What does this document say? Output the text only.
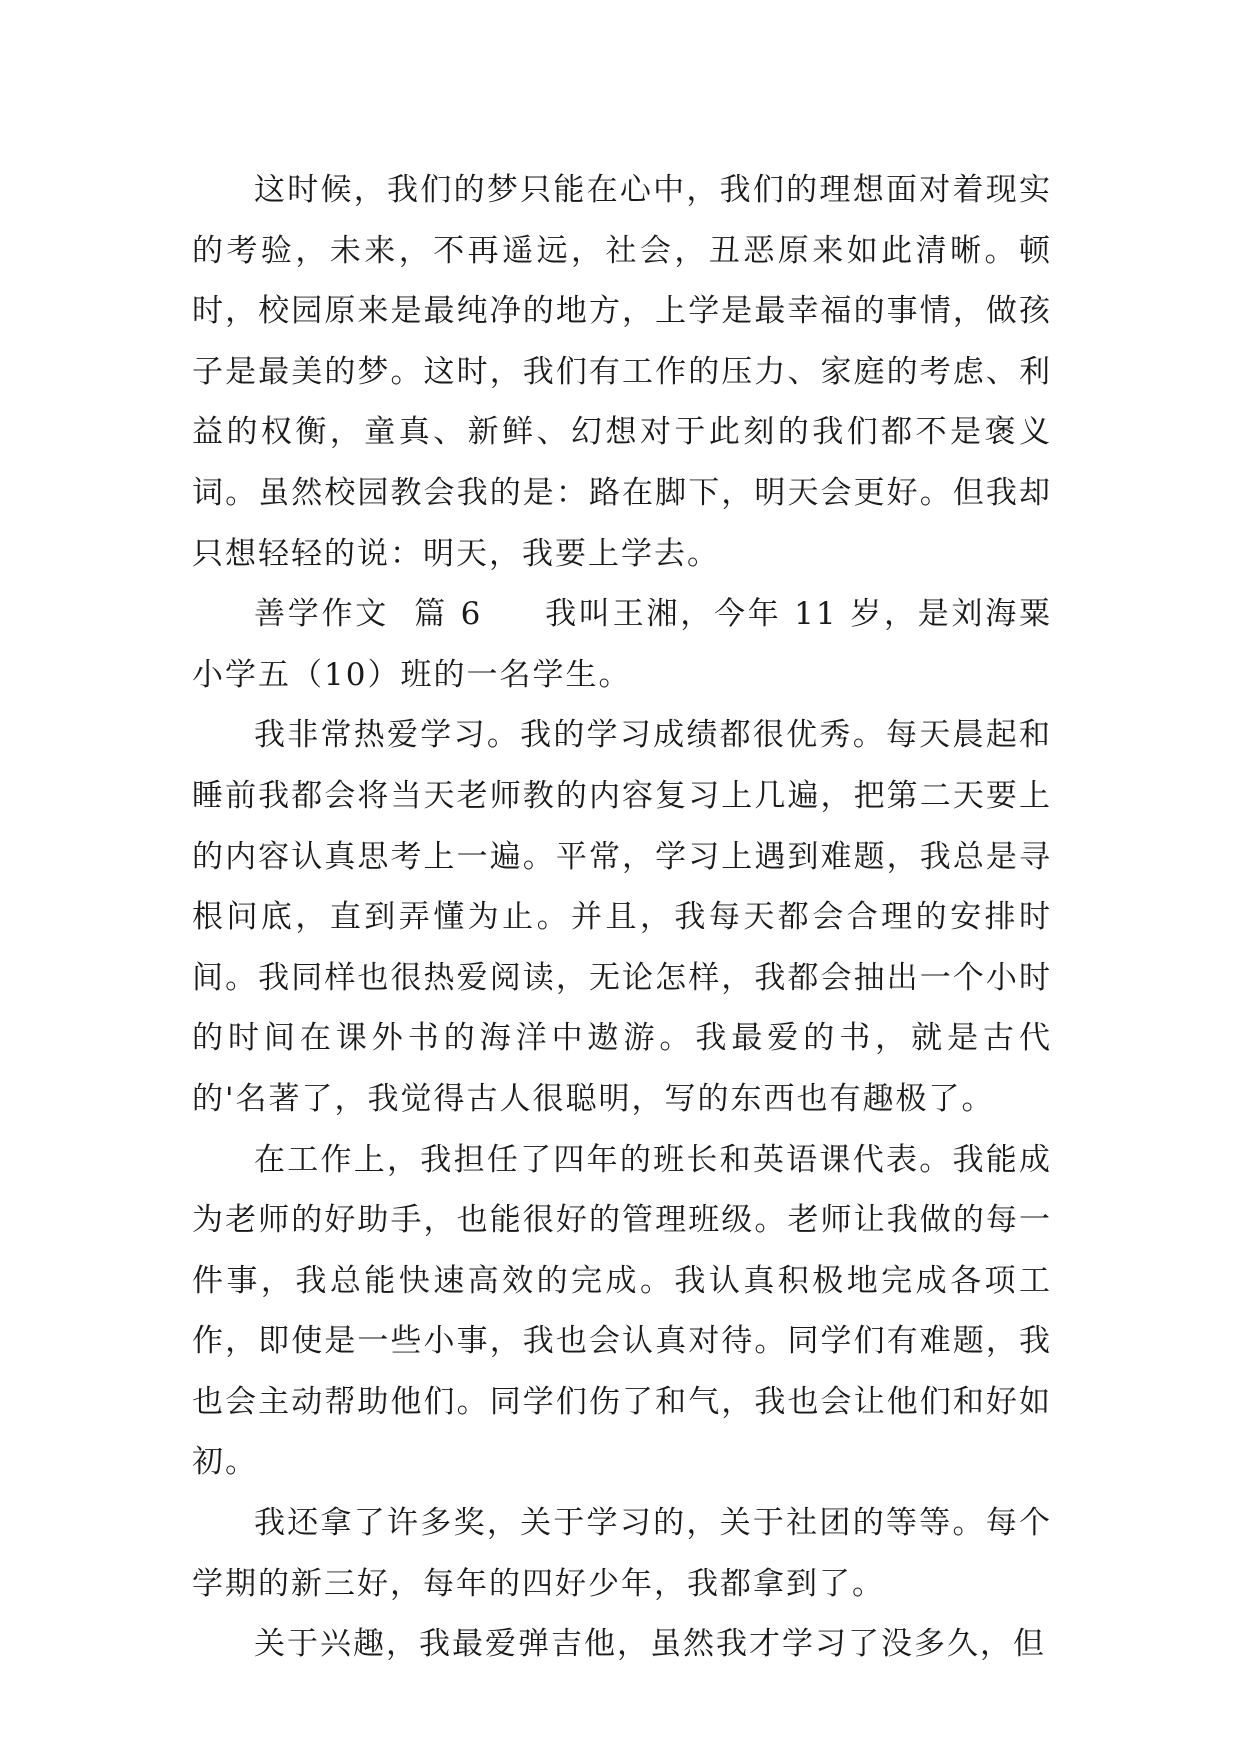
这时候，我们的梦只能在心中，我们的理想面对着现实的考验，未来，不再遥远，社会，丑恶原来如此清晰。顿时，校园原来是最纯净的地方，上学是最幸福的事情，做孩子是最美的梦。这时，我们有工作的压力、家庭的考虑、利益的权衡，童真、新鲜、幻想对于此刻的我们都不是褒义词。虽然校园教会我的是：路在脚下，明天会更好。但我却只想轻轻的说：明天，我要上学去。

善学作文 篇 6 我叫王湘，今年 11 岁，是刘海粟小学五（10）班的一名学生。

我非常热爱学习。我的学习成绩都很优秀。每天晨起和睡前我都会将当天老师教的内容复习上几遍，把第二天要上的内容认真思考上一遍。平常，学习上遇到难题，我总是寻根问底，直到弄懂为止。并且，我每天都会合理的安排时间。我同样也很热爱阅读，无论怎样，我都会抽出一个小时的时间在课外书的海洋中遨游。我最爱的书，就是古代的'名著了，我觉得古人很聪明，写的东西也有趣极了。

在工作上，我担任了四年的班长和英语课代表。我能成为老师的好助手，也能很好的管理班级。老师让我做的每一件事，我总能快速高效的完成。我认真积极地完成各项工作，即使是一些小事，我也会认真对待。同学们有难题，我也会主动帮助他们。同学们伤了和气，我也会让他们和好如初。

我还拿了许多奖，关于学习的，关于社团的等等。每个学期的新三好，每年的四好少年，我都拿到了。

关于兴趣，我最爱弹吉他，虽然我才学习了没多久，但
